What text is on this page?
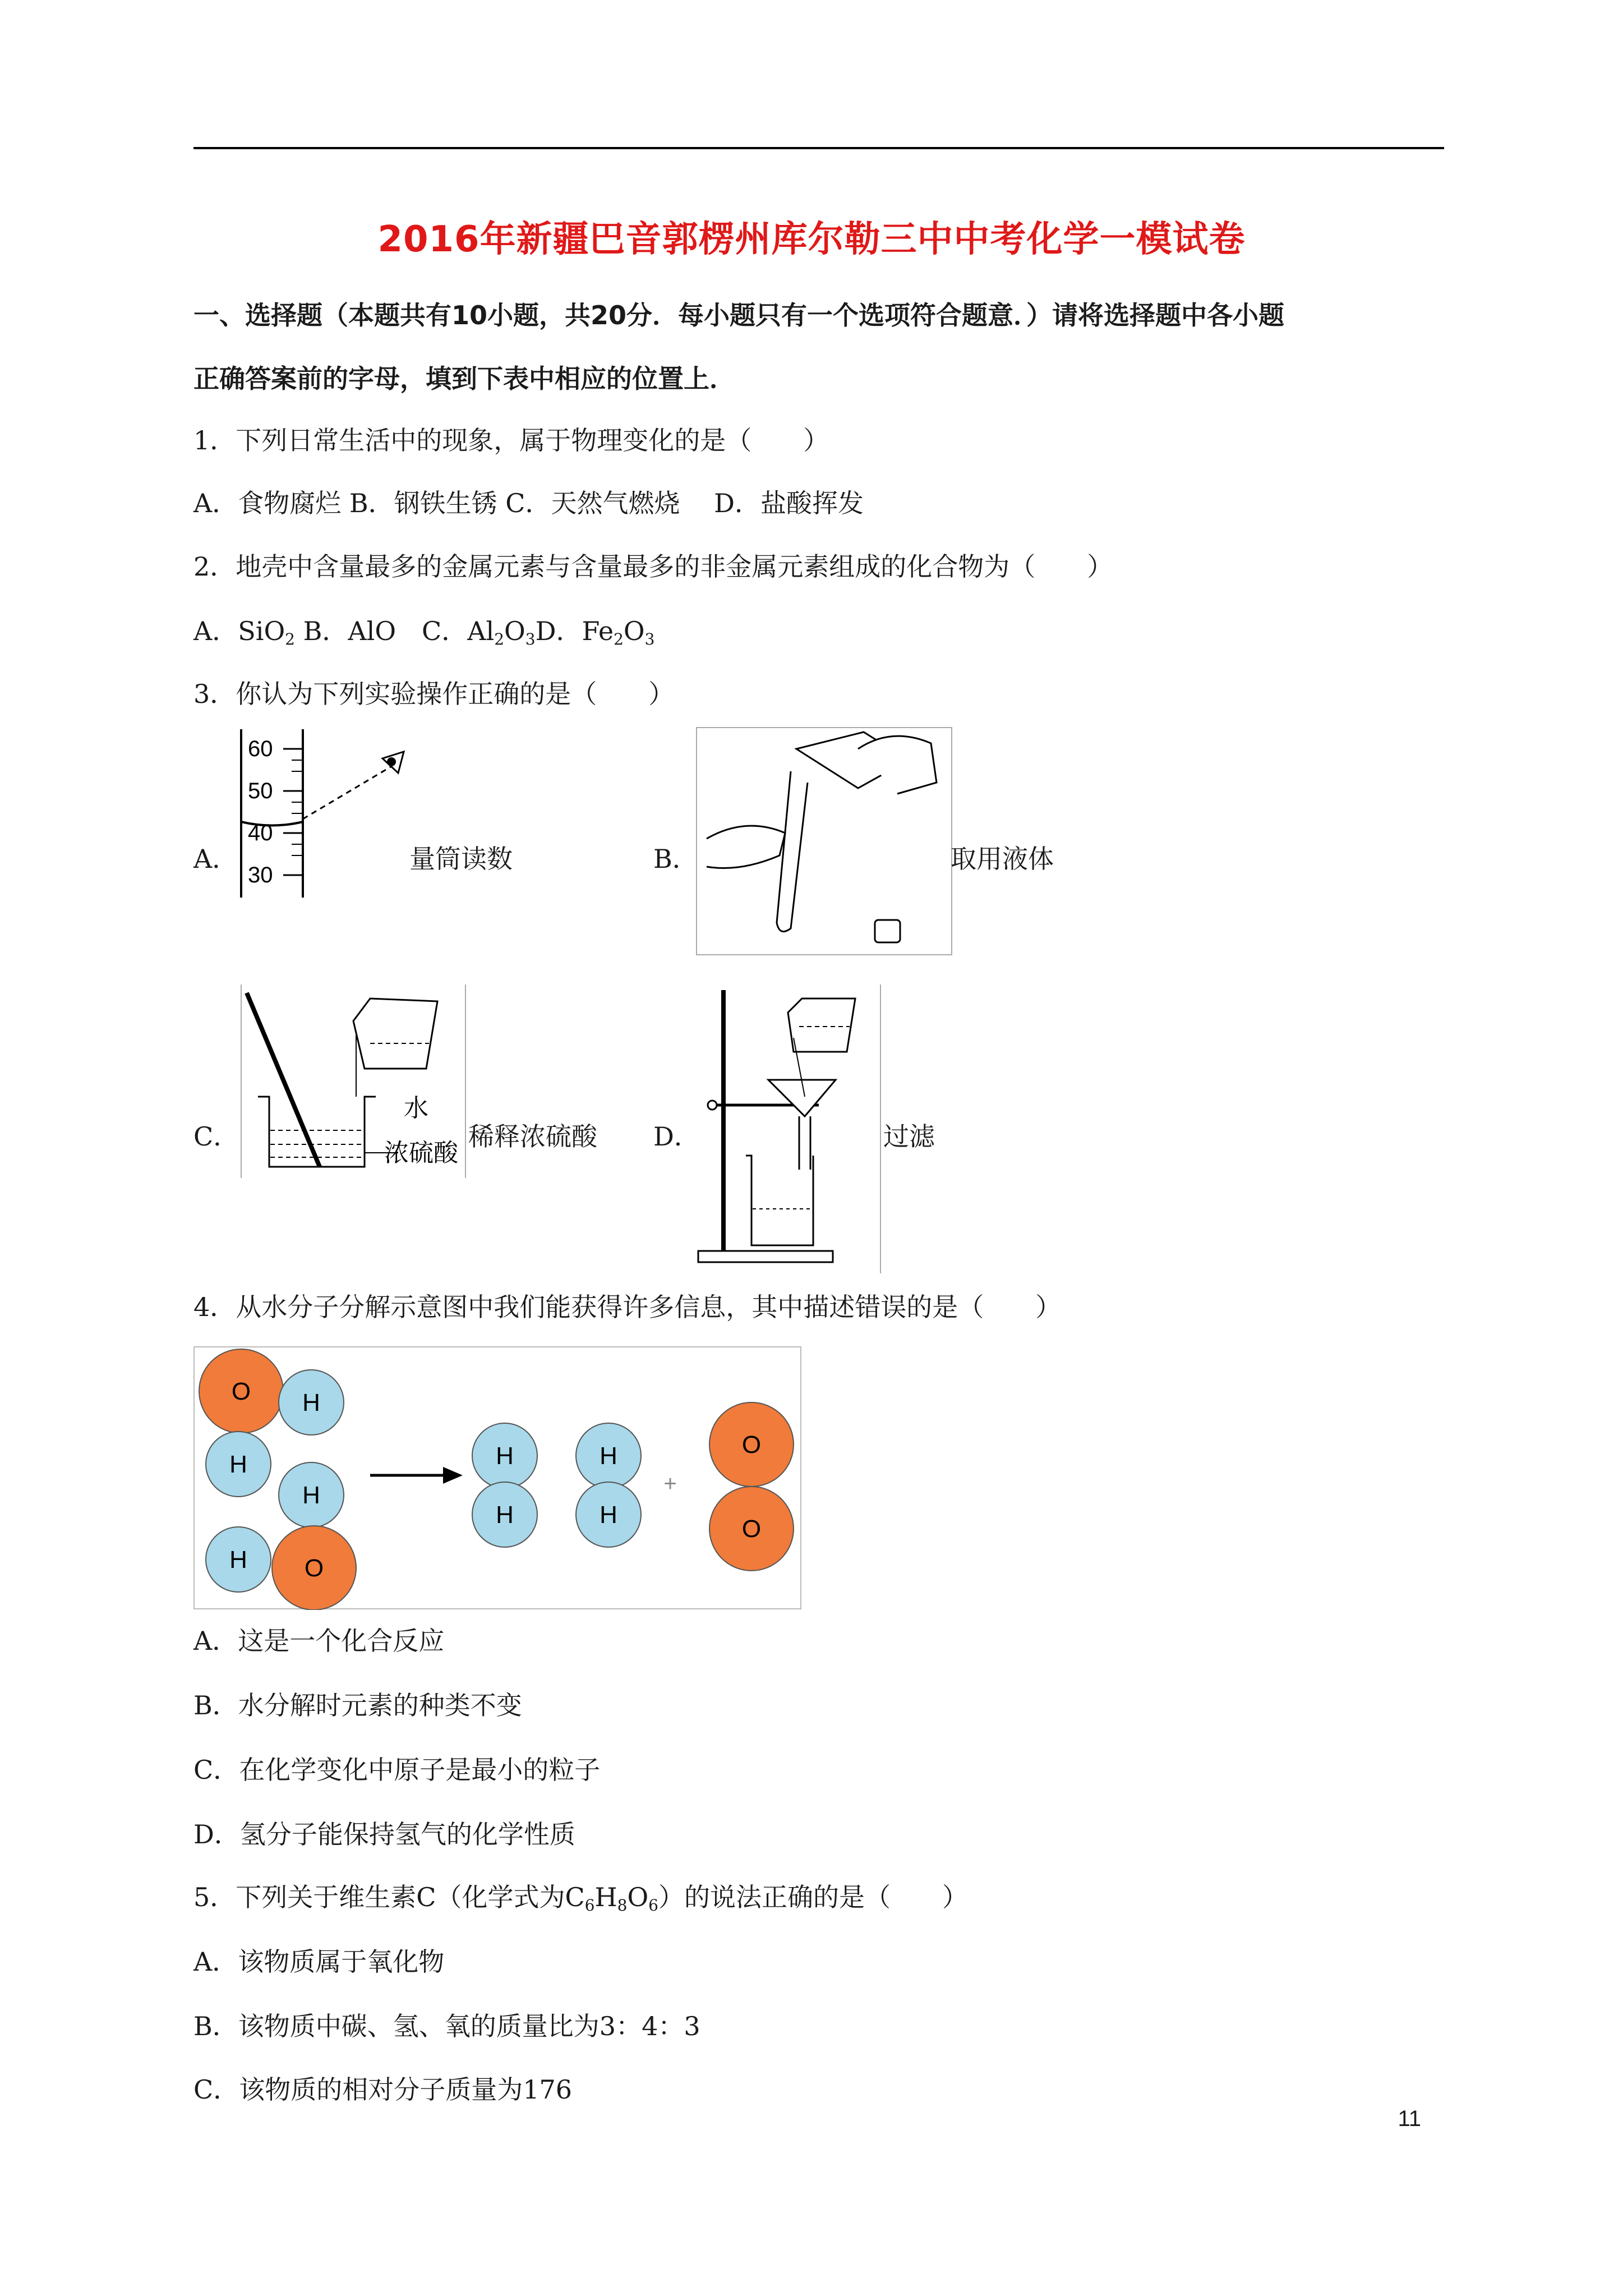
2016年新疆巴音郭楞州库尔勒三中中考化学一模试卷
一、选择题（本题共有10小题，共20分．每小题只有一个选项符合题意．）请将选择题中各小题
正确答案前的字母，填到下表中相应的位置上．
1．下列日常生活中的现象，属于物理变化的是（　　）
A．食物腐烂 B．钢铁生锈 C．天然气燃烧　 D．盐酸挥发
2．地壳中含量最多的金属元素与含量最多的非金属元素组成的化合物为（　　）
A．SiO$_2$ B．AlO　C．$Al_2O_3D$．$Fe_2O_3$
3．你认为下列实验操作正确的是（　　）
A．
60
50
40
30
量筒读数	B．	取用液体
C．
水
浓硫酸
稀释浓硫酸 D．	过滤
4．从水分子分解示意图中我们能获得许多信息，其中描述错误的是（　　）
O H
H
H
H O
H
H
H
H
+
O
O
A．这是一个化合反应
B．水分解时元素的种类不变
C．在化学变化中原子是最小的粒子
D．氢分子能保持氢气的化学性质
5．下列关于维生素C（化学式为$C_6H_8O_6$）的说法正确的是（　　）
A．该物质属于氧化物
B．该物质中碳、氢、氧的质量比为3：4：3
C．该物质的相对分子质量为176
11
